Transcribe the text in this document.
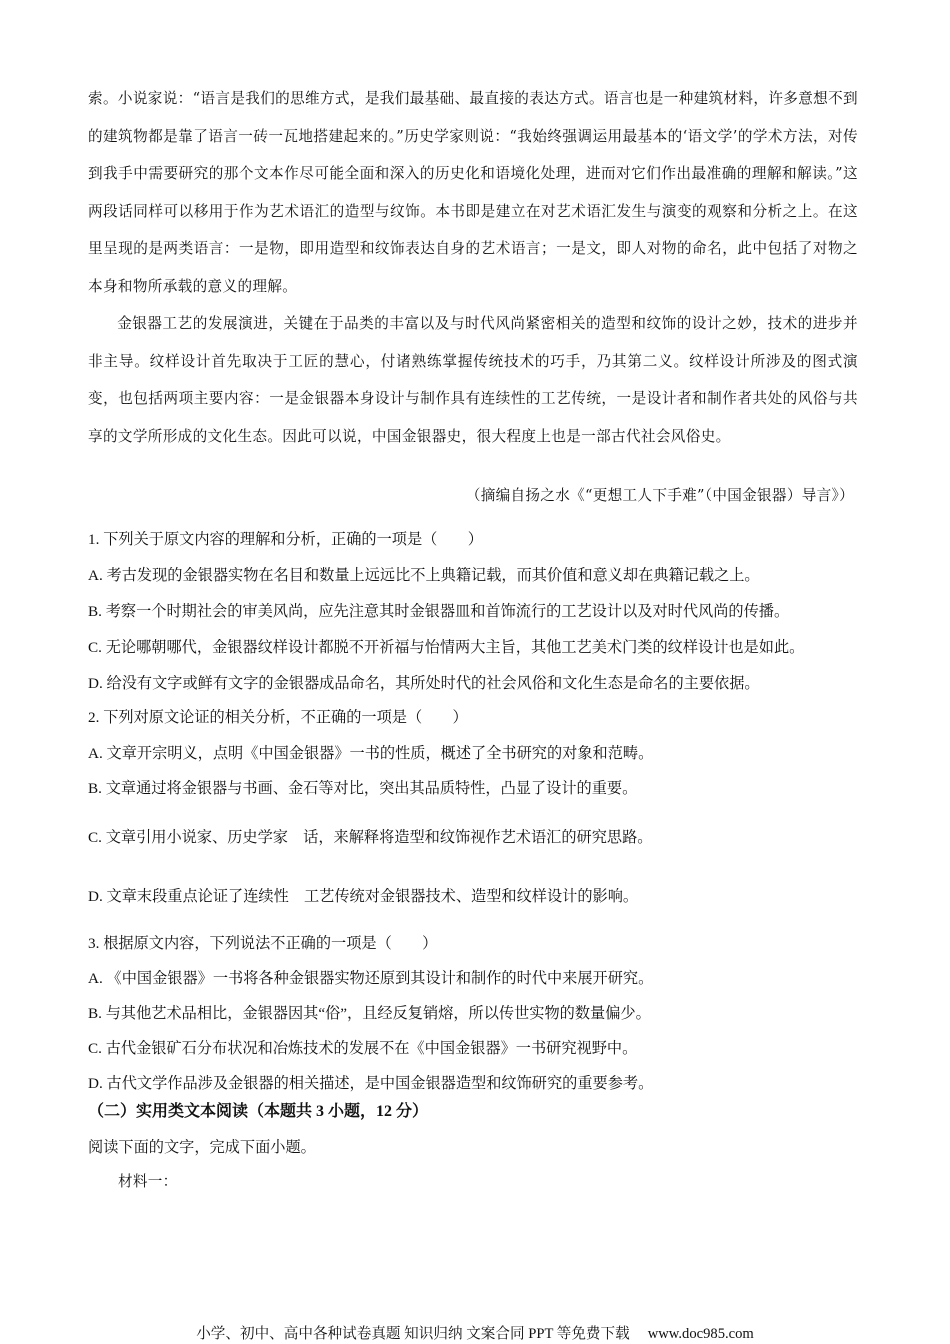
索。小说家说：“语言是我们的思维方式，是我们最基础、最直接的表达方式。语言也是一种建筑材料，许多意想不到的建筑物都是靠了语言一砖一瓦地搭建起来的。”历史学家则说：“我始终强调运用最基本的‘语文学’的学术方法，对传到我手中需要研究的那个文本作尽可能全面和深入的历史化和语境化处理，进而对它们作出最准确的理解和解读。”这两段话同样可以移用于作为艺术语汇的造型与纹饰。本书即是建立在对艺术语汇发生与演变的观察和分析之上。在这里呈现的是两类语言：一是物，即用造型和纹饰表达自身的艺术语言；一是文，即人对物的命名，此中包括了对物之本身和物所承载的意义的理解。

金银器工艺的发展演进，关键在于品类的丰富以及与时代风尚紧密相关的造型和纹饰的设计之妙，技术的进步并非主导。纹样设计首先取决于工匠的慧心，付诸熟练掌握传统技术的巧手，乃其第二义。纹样设计所涉及的图式演变，也包括两项主要内容：一是金银器本身设计与制作具有连续性的工艺传统，一是设计者和制作者共处的风俗与共享的文学所形成的文化生态。因此可以说，中国金银器史，很大程度上也是一部古代社会风俗史。

（摘编自扬之水《“更想工人下手难”（中国金银器）导言》）
1. 下列关于原文内容的理解和分析，正确的一项是（　　）
A. 考古发现的金银器实物在名目和数量上远远比不上典籍记载，而其价值和意义却在典籍记载之上。
B. 考察一个时期社会的审美风尚，应先注意其时金银器皿和首饰流行的工艺设计以及对时代风尚的传播。
C. 无论哪朝哪代，金银器纹样设计都脱不开祈福与怡情两大主旨，其他工艺美术门类的纹样设计也是如此。
D. 给没有文字或鲜有文字的金银器成品命名，其所处时代的社会风俗和文化生态是命名的主要依据。
2. 下列对原文论证的相关分析，不正确的一项是（　　）
A. 文章开宗明义，点明《中国金银器》一书的性质，概述了全书研究的对象和范畴。
B. 文章通过将金银器与书画、金石等对比，突出其品质特性，凸显了设计的重要。
C. 文章引用小说家、历史学家　话，来解释将造型和纹饰视作艺术语汇的研究思路。
D. 文章末段重点论证了连续性　工艺传统对金银器技术、造型和纹样设计的影响。
3. 根据原文内容，下列说法不正确的一项是（　　）
A. 《中国金银器》一书将各种金银器实物还原到其设计和制作的时代中来展开研究。
B. 与其他艺术品相比，金银器因其“俗”，且经反复销熔，所以传世实物的数量偏少。
C. 古代金银矿石分布状况和冶炼技术的发展不在《中国金银器》一书研究视野中。
D. 古代文学作品涉及金银器的相关描述，是中国金银器造型和纹饰研究的重要参考。
（二）实用类文本阅读（本题共 3 小题，12 分）
阅读下面的文字，完成下面小题。
材料一：
小学、初中、高中各种试卷真题 知识归纳 文案合同 PPT 等免费下载 www.doc985.com
